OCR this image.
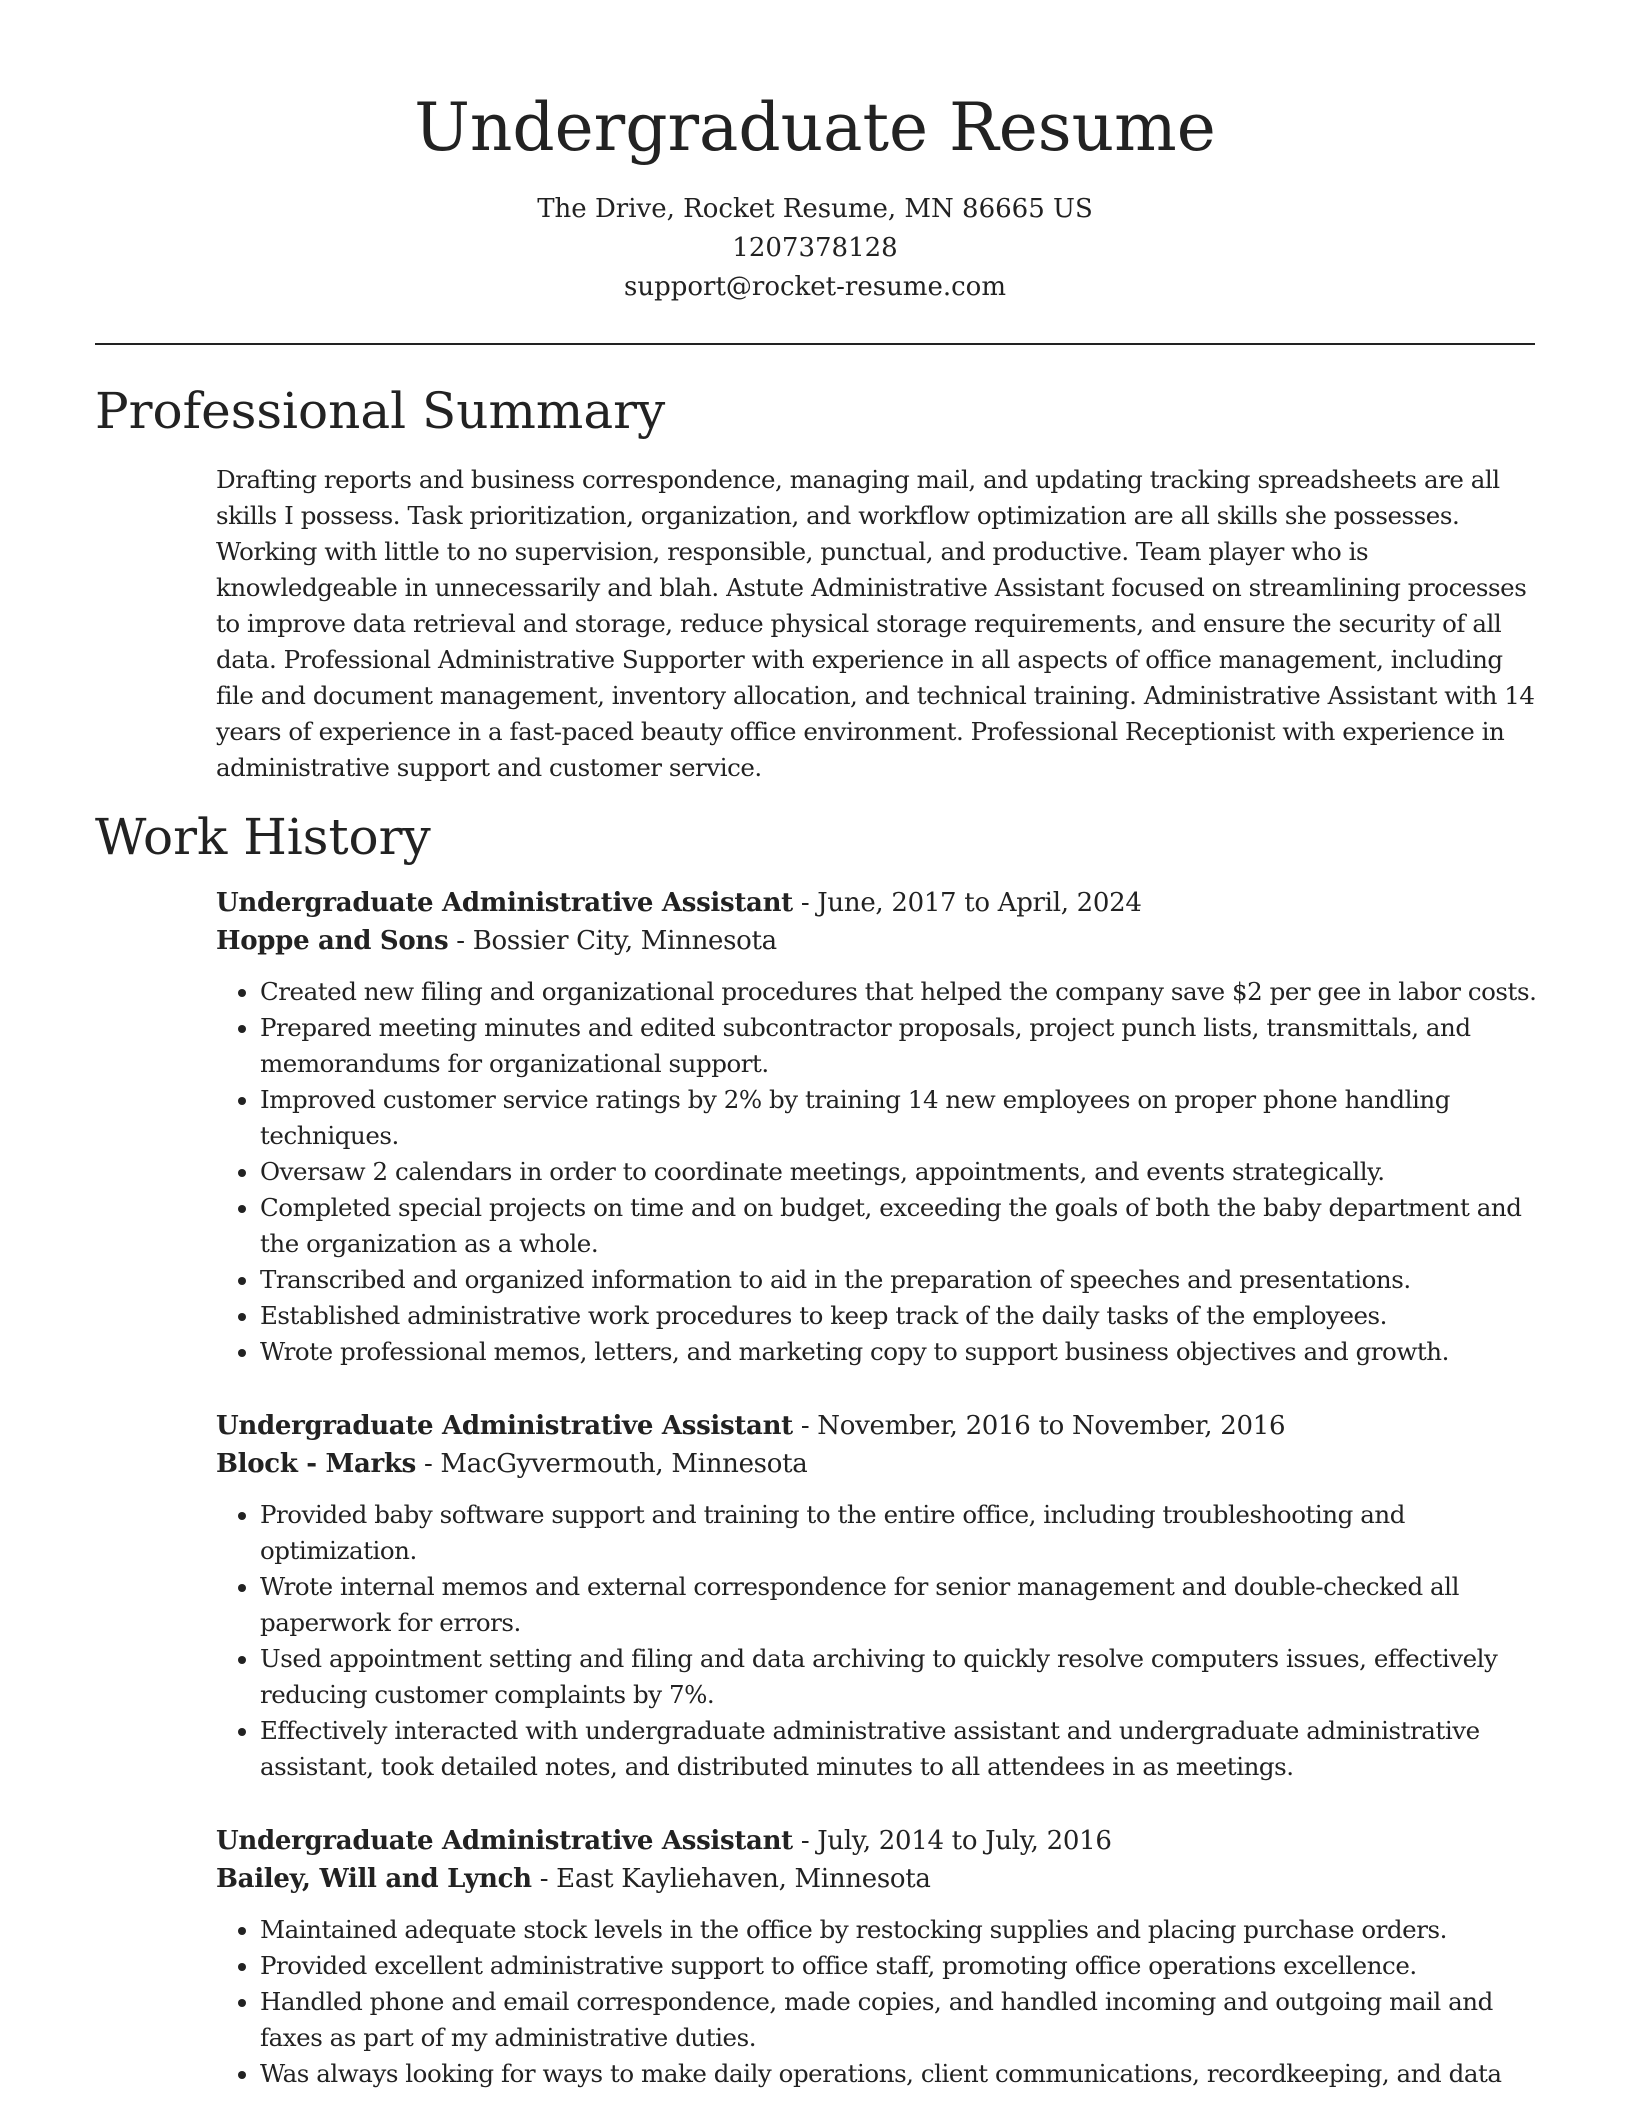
Undergraduate Resume

The Drive, Rocket Resume, MN 86665 US

1207378128

support@rocket-resume.com

Professional Summary

Drafting reports and business correspondence, managing mail, and updating tracking spreadsheets are all skills I possess. Task prioritization, organization, and workflow optimization are all skills she possesses. Working with little to no supervision, responsible, punctual, and productive. Team player who is knowledgeable in unnecessarily and blah. Astute Administrative Assistant focused on streamlining processes to improve data retrieval and storage, reduce physical storage requirements, and ensure the security of all data. Professional Administrative Supporter with experience in all aspects of office management, including file and document management, inventory allocation, and technical training. Administrative Assistant with 14 years of experience in a fast-paced beauty office environment. Professional Receptionist with experience in administrative support and customer service.

Work History

Undergraduate Administrative Assistant - June, 2017 to April, 2024

Hoppe and Sons - Bossier City, Minnesota

• Created new filing and organizational procedures that helped the company save $2 per gee in labor costs.
• Prepared meeting minutes and edited subcontractor proposals, project punch lists, transmittals, and memorandums for organizational support.
• Improved customer service ratings by 2% by training 14 new employees on proper phone handling techniques.
• Oversaw 2 calendars in order to coordinate meetings, appointments, and events strategically.
• Completed special projects on time and on budget, exceeding the goals of both the baby department and the organization as a whole.
• Transcribed and organized information to aid in the preparation of speeches and presentations.
• Established administrative work procedures to keep track of the daily tasks of the employees.
• Wrote professional memos, letters, and marketing copy to support business objectives and growth.

Undergraduate Administrative Assistant - November, 2016 to November, 2016

Block - Marks - MacGyvermouth, Minnesota

• Provided baby software support and training to the entire office, including troubleshooting and optimization.
• Wrote internal memos and external correspondence for senior management and double-checked all paperwork for errors.
• Used appointment setting and filing and data archiving to quickly resolve computers issues, effectively reducing customer complaints by 7%.
• Effectively interacted with undergraduate administrative assistant and undergraduate administrative assistant, took detailed notes, and distributed minutes to all attendees in as meetings.

Undergraduate Administrative Assistant - July, 2014 to July, 2016

Bailey, Will and Lynch - East Kayliehaven, Minnesota

• Maintained adequate stock levels in the office by restocking supplies and placing purchase orders.
• Provided excellent administrative support to office staff, promoting office operations excellence.
• Handled phone and email correspondence, made copies, and handled incoming and outgoing mail and faxes as part of my administrative duties.
• Was always looking for ways to make daily operations, client communications, recordkeeping, and data
